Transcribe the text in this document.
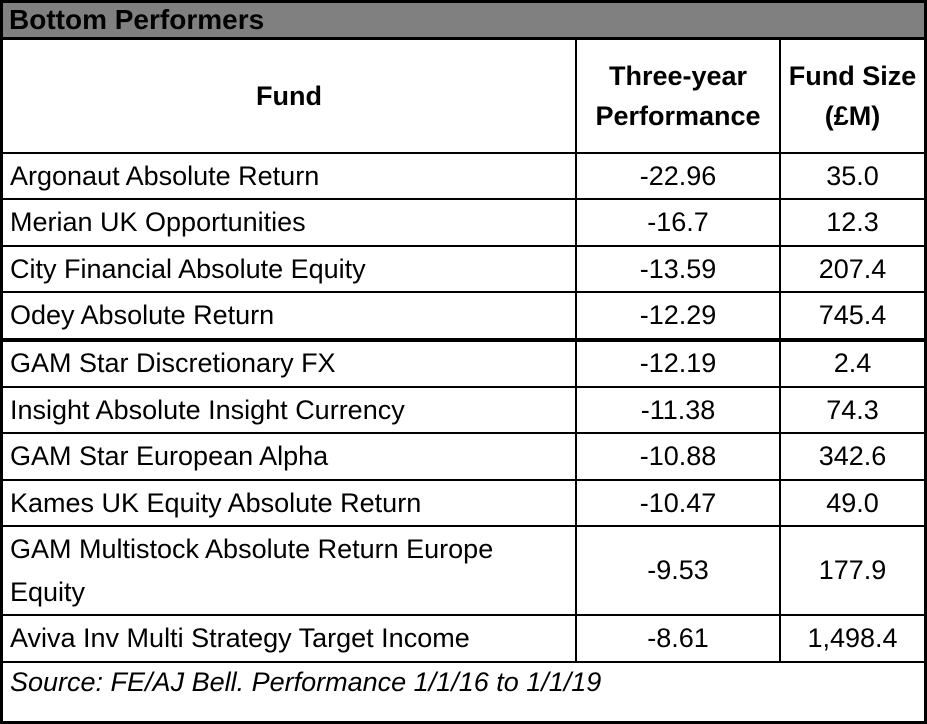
Bottom Performers
Fund	Three-year Performance	Fund Size (£M)
Argonaut Absolute Return	-22.96	35.0
Merian UK Opportunities	-16.7	12.3
City Financial Absolute Equity	-13.59	207.4
Odey Absolute Return	-12.29	745.4
GAM Star Discretionary FX	-12.19	2.4
Insight Absolute Insight Currency	-11.38	74.3
GAM Star European Alpha	-10.88	342.6
Kames UK Equity Absolute Return	-10.47	49.0
GAM Multistock Absolute Return Europe Equity	-9.53	177.9
Aviva Inv Multi Strategy Target Income	-8.61	1,498.4
Source: FE/AJ Bell. Performance 1/1/16 to 1/1/19		
